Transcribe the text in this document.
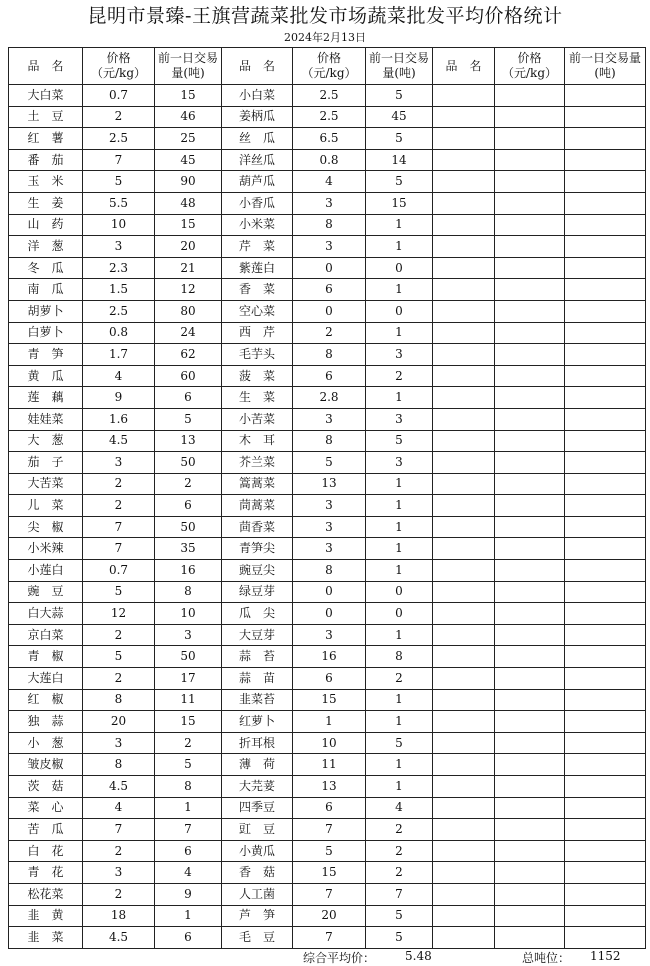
昆明市景臻-王旗营蔬菜批发市场蔬菜批发平均价格统计
2024年2月13日
品　名	价格（元/kg）	前一日交易量(吨)	品　名	价格（元/kg）	前一日交易量(吨)	品　名	价格（元/kg）	前一日交易量(吨)
大白菜	0.7	15	小白菜	2.5	5			
土　豆	2	46	姜柄瓜	2.5	45			
红　薯	2.5	25	丝　瓜	6.5	5			
番　茄	7	45	洋丝瓜	0.8	14			
玉　米	5	90	葫芦瓜	4	5			
生　姜	5.5	48	小香瓜	3	15			
山　药	10	15	小米菜	8	1			
洋　葱	3	20	芹　菜	3	1			
冬　瓜	2.3	21	紫莲白	0	0			
南　瓜	1.5	12	香　菜	6	1			
胡萝卜	2.5	80	空心菜	0	0			
白萝卜	0.8	24	西　芹	2	1			
青　笋	1.7	62	毛芋头	8	3			
黄　瓜	4	60	菠　菜	6	2			
莲　藕	9	6	生　菜	2.8	1			
娃娃菜	1.6	5	小苦菜	3	3			
大　葱	4.5	13	木　耳	8	5			
茄　子	3	50	芥兰菜	5	3			
大苦菜	2	2	篙蒿菜	13	1			
儿　菜	2	6	茼蒿菜	3	1			
尖　椒	7	50	茴香菜	3	1			
小米辣	7	35	青笋尖	3	1			
小莲白	0.7	16	豌豆尖	8	1			
豌　豆	5	8	绿豆芽	0	0			
白大蒜	12	10	瓜　尖	0	0			
京白菜	2	3	大豆芽	3	1			
青　椒	5	50	蒜　苔	16	8			
大莲白	2	17	蒜　苗	6	2			
红　椒	8	11	韭菜苔	15	1			
独　蒜	20	15	红萝卜	1	1			
小　葱	3	2	折耳根	10	5			
皱皮椒	8	5	薄　荷	11	1			
茨　菇	4.5	8	大芫荽	13	1			
菜　心	4	1	四季豆	6	4			
苦　瓜	7	7	豇　豆	7	2			
白　花	2	6	小黄瓜	5	2			
青　花	3	4	香　菇	15	2			
松花菜	2	9	人工菌	7	7			
韭　黄	18	1	芦　笋	20	5			
韭　菜	4.5	6	毛　豆	7	5			
综合平均价： 5.48	总吨位： 1152
